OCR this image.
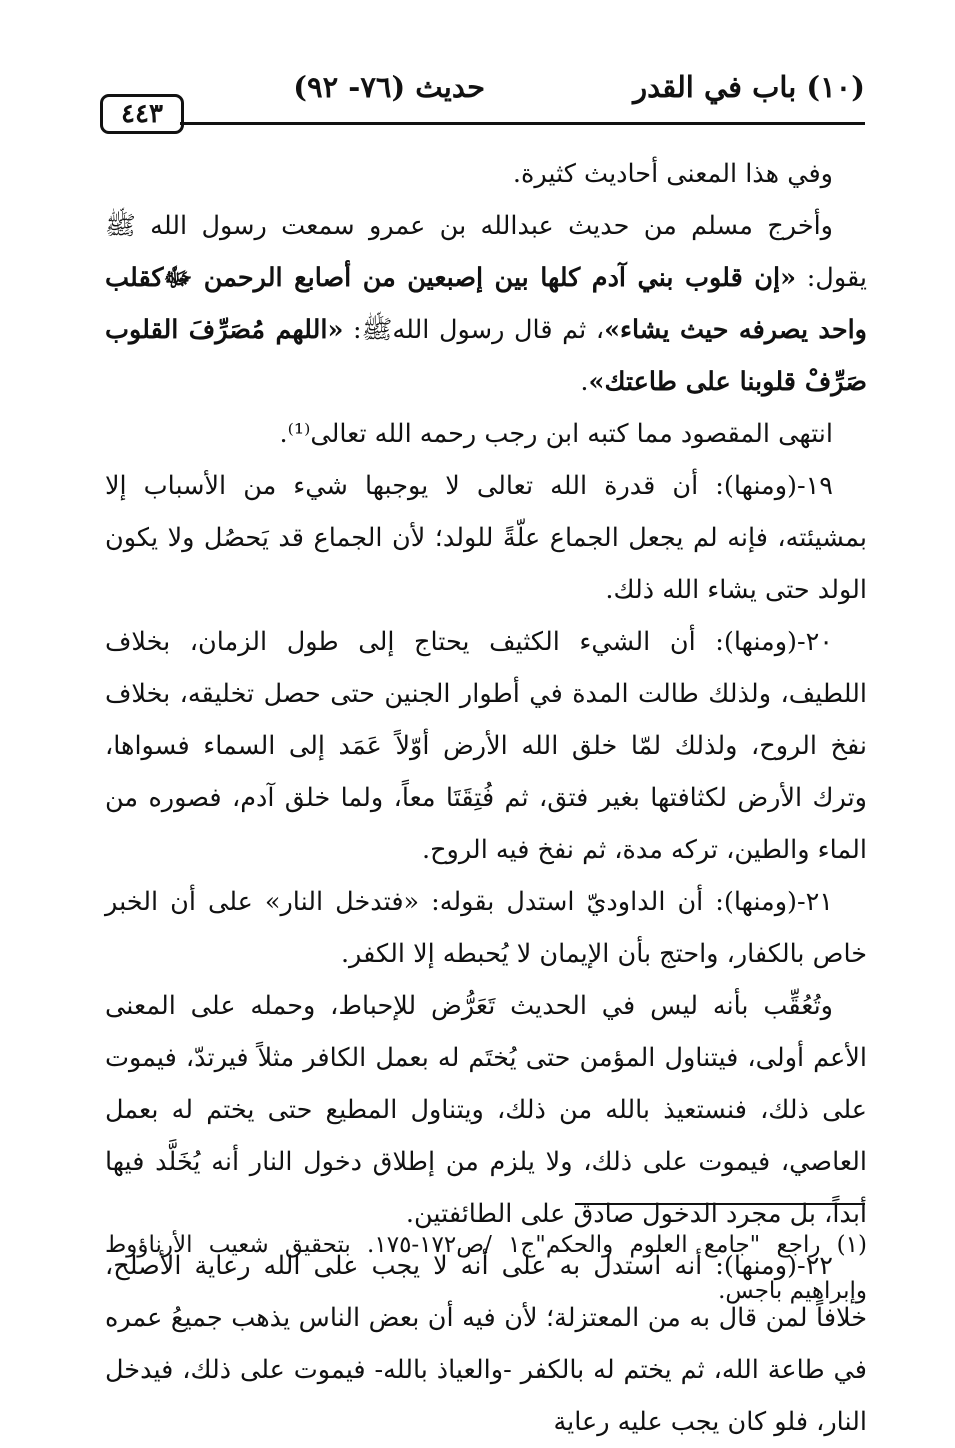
(١٠) باب في القدر
حديث (٧٦- ٩٢)
٤٤٣

وفي هذا المعنى أحاديث كثيرة.

وأخرج مسلم من حديث عبدالله بن عمرو سمعت رسول الله ﷺ يقول: «إن قلوب بني آدم كلها بين إصبعين من أصابع الرحمن ﷻكقلب واحد يصرفه حيث يشاء»، ثم قال رسول اللهﷺ: «اللهم مُصَرِّفَ القلوب صَرِّفْ قلوبنا على طاعتك».

انتهى المقصود مما كتبه ابن رجب رحمه الله تعالى⁽¹⁾.

١٩-(ومنها): أن قدرة الله تعالى لا يوجبها شيء من الأسباب إلا بمشيئته، فإنه لم يجعل الجماع علّةً للولد؛ لأن الجماع قد يَحصُل ولا يكون الولد حتى يشاء الله ذلك.

٢٠-(ومنها): أن الشيء الكثيف يحتاج إلى طول الزمان، بخلاف اللطيف، ولذلك طالت المدة في أطوار الجنين حتى حصل تخليقه، بخلاف نفخ الروح، ولذلك لمّا خلق الله الأرض أوّلاً عَمَد إلى السماء فسواها، وترك الأرض لكثافتها بغير فتق، ثم فُتِقَتَا معاً، ولما خلق آدم، فصوره من الماء والطين، تركه مدة، ثم نفخ فيه الروح.

٢١-(ومنها): أن الداوديّ استدل بقوله: «فتدخل النار» على أن الخبر خاص بالكفار، واحتج بأن الإيمان لا يُحبطه إلا الكفر.

وتُعُقِّب بأنه ليس في الحديث تَعَرُّض للإحباط، وحمله على المعنى الأعم أولى، فيتناول المؤمن حتى يُختَم له بعمل الكافر مثلاً فيرتدّ، فيموت على ذلك، فنستعيذ بالله من ذلك، ويتناول المطيع حتى يختم له بعمل العاصي، فيموت على ذلك، ولا يلزم من إطلاق دخول النار أنه يُخَلَّد فيها أبداً، بل مجرد الدخول صادق على الطائفتين.

٢٢-(ومنها): أنه استدل به على أنه لا يجب على الله رعاية الأصلح، خلافاً لمن قال به من المعتزلة؛ لأن فيه أن بعض الناس يذهب جميعُ عمره في طاعة الله، ثم يختم له بالكفر -والعياذ بالله- فيموت على ذلك، فيدخل النار، فلو كان يجب عليه رعاية

(١) راجع "جامع العلوم والحكم"ج١ /ص١٧٢-١٧٥. بتحقيق شعيب الأرناؤوط وإبراهيم باجس.
